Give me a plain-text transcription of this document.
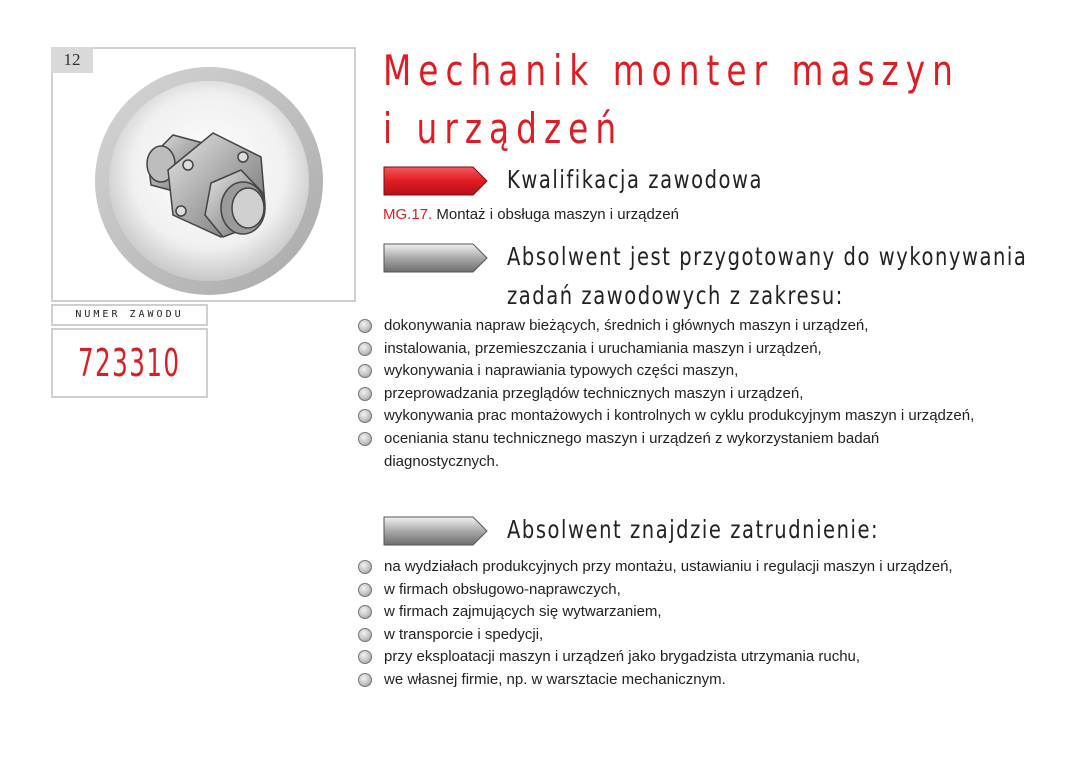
12
NUMER ZAWODU
723310
Mechanik monter maszyn
i urządzeń
Kwalifikacja zawodowa
MG.17. Montaż i obsługa maszyn i urządzeń
Absolwent jest przygotowany do wykonywania
zadań zawodowych z zakresu:
dokonywania napraw bieżących, średnich i głównych maszyn i urządzeń,
instalowania, przemieszczania i uruchamiania maszyn i urządzeń,
wykonywania i naprawiania typowych części maszyn,
przeprowadzania przeglądów technicznych maszyn i urządzeń,
wykonywania prac montażowych i kontrolnych w cyklu produkcyjnym maszyn i urządzeń,
oceniania stanu technicznego maszyn i urządzeń z wykorzystaniem badań diagnostycznych.
Absolwent znajdzie zatrudnienie:
na wydziałach produkcyjnych przy montażu, ustawianiu i regulacji maszyn i urządzeń,
w firmach obsługowo-naprawczych,
w firmach zajmujących się wytwarzaniem,
w transporcie i spedycji,
przy eksploatacji maszyn i urządzeń jako brygadzista utrzymania ruchu,
we własnej firmie, np. w warsztacie mechanicznym.
